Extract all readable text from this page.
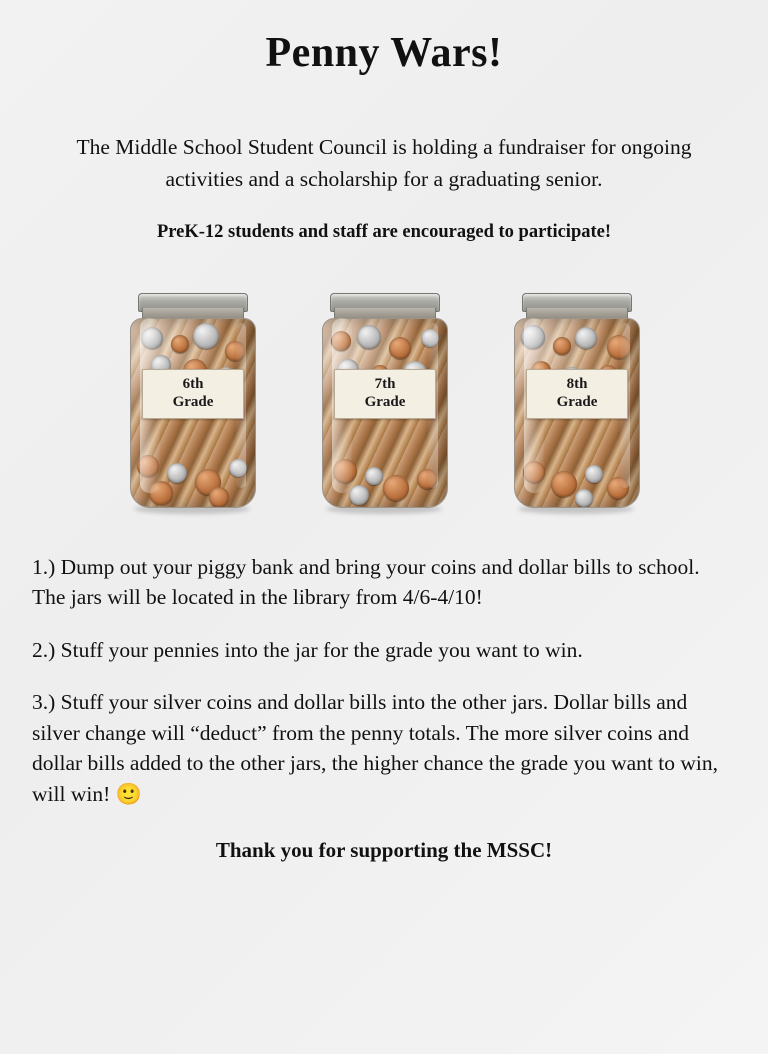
Penny Wars!

The Middle School Student Council is holding a fundraiser for ongoing activities and a scholarship for a graduating senior.

PreK-12 students and staff are encouraged to participate!

6th
Grade
7th
Grade
8th
Grade

1.) Dump out your piggy bank and bring your coins and dollar bills to school. The jars will be located in the library from 4/6-4/10!

2.) Stuff your pennies into the jar for the grade you want to win.

3.) Stuff your silver coins and dollar bills into the other jars. Dollar bills and silver change will “deduct” from the penny totals. The more silver coins and dollar bills added to the other jars, the higher chance the grade you want to win, will win! 🙂

Thank you for supporting the MSSC!
